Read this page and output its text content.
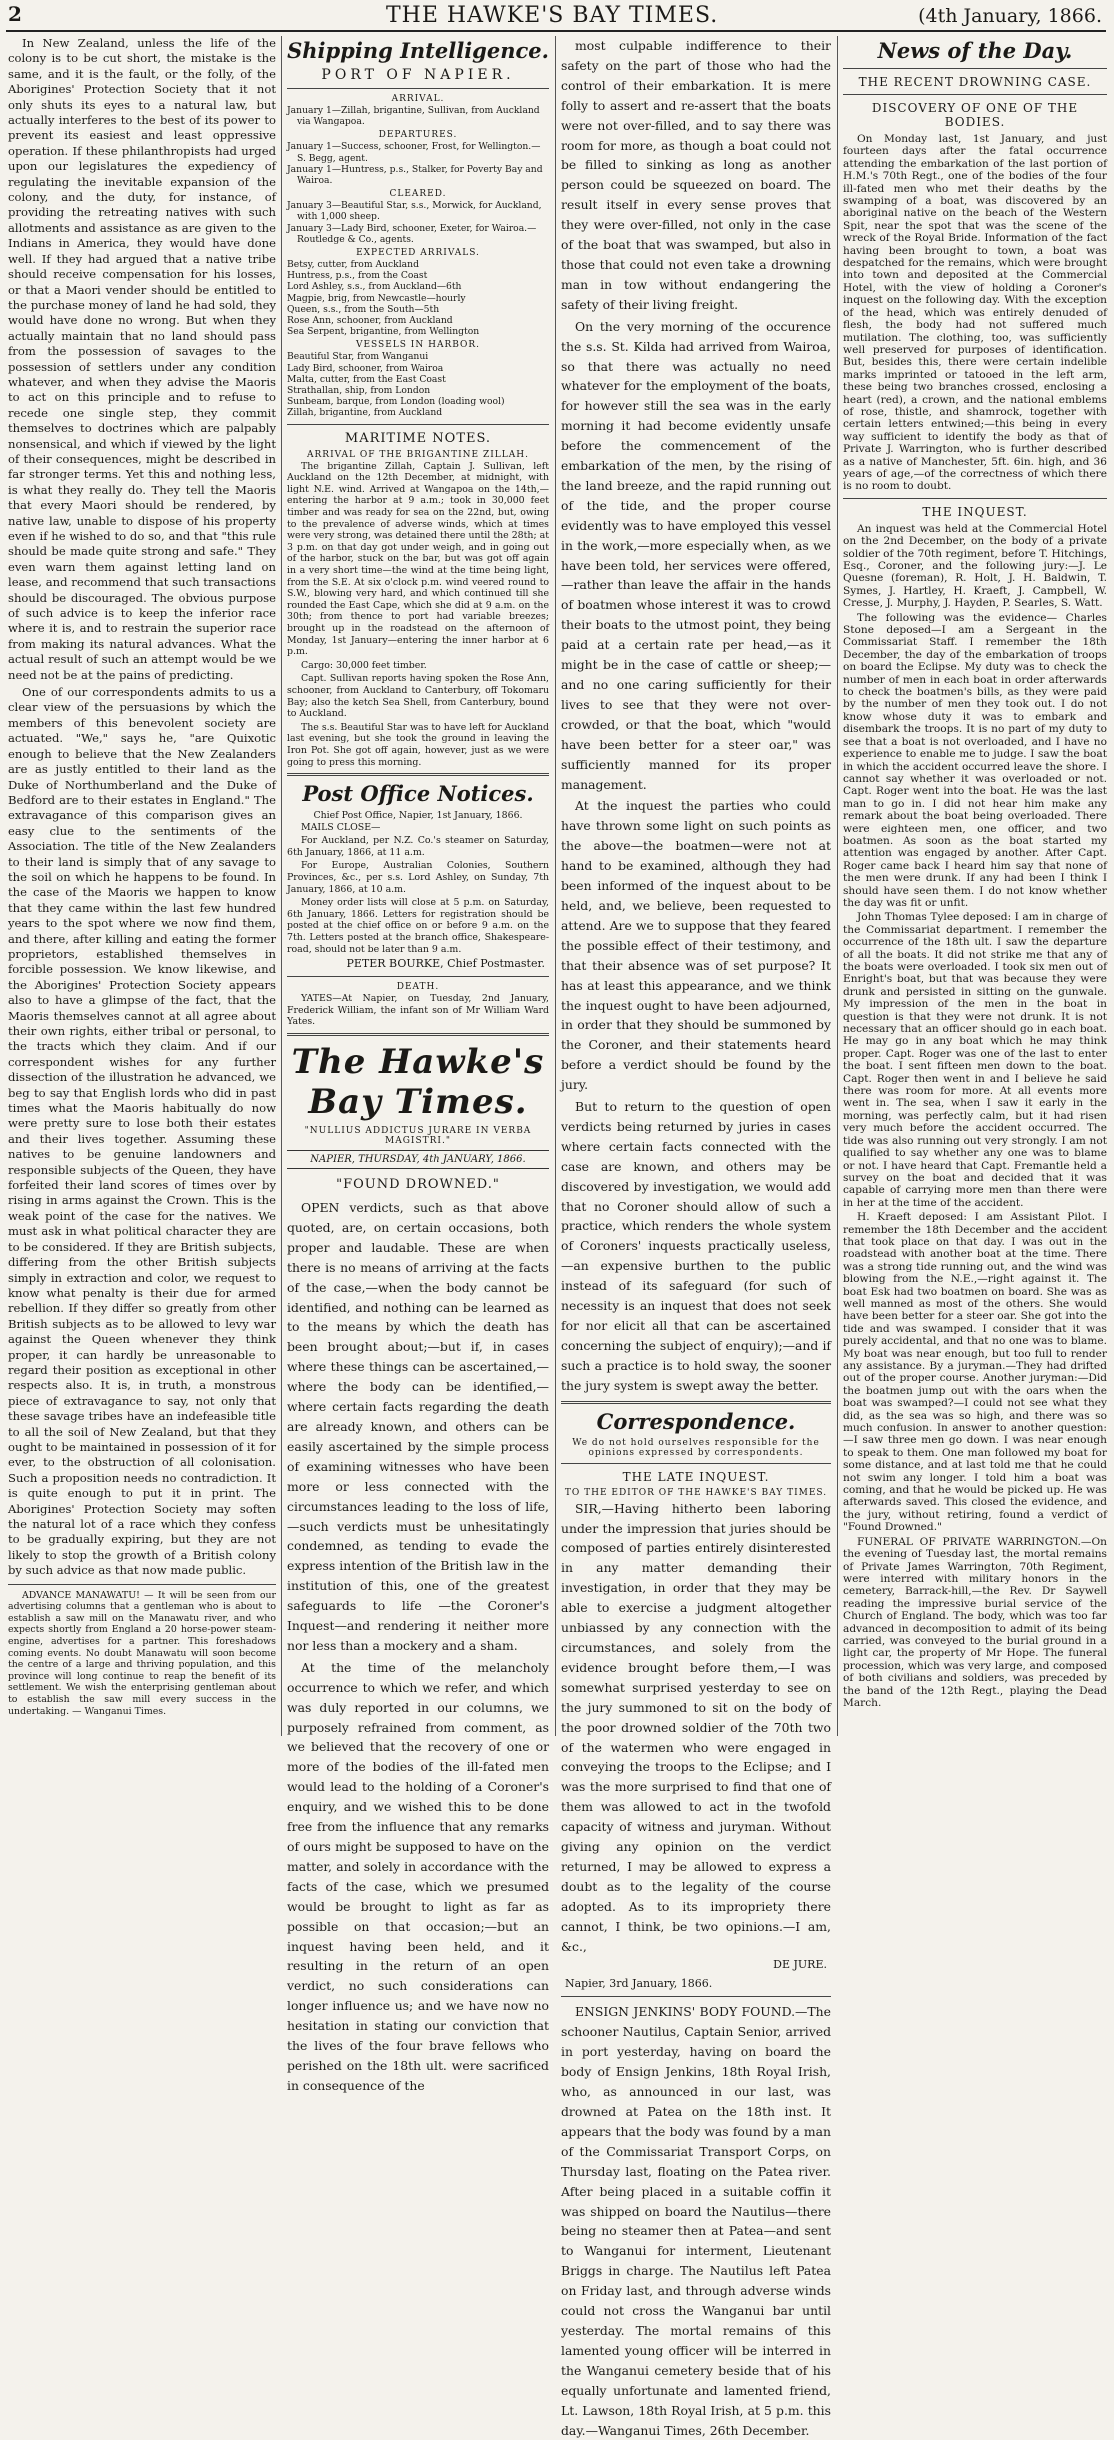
2	THE HAWKE'S BAY TIMES.	(4th January, 1866.

In New Zealand, unless the life of the colony is to be cut short, the mistake is the same, and it is the fault, or the folly, of the Aborigines' Protection Society that it not only shuts its eyes to a natural law, but actually interferes to the best of its power to prevent its easiest and least oppressive operation. If these philanthropists had urged upon our legislatures the expediency of regulating the inevitable expansion of the colony, and the duty, for instance, of providing the retreating natives with such allotments and assistance as are given to the Indians in America, they would have done well. If they had argued that a native tribe should receive compensation for his losses, or that a Maori vender should be entitled to the purchase money of land he had sold, they would have done no wrong. But when they actually maintain that no land should pass from the possession of savages to the possession of settlers under any condition whatever, and when they advise the Maoris to act on this principle and to refuse to recede one single step, they commit themselves to doctrines which are palpably nonsensical, and which if viewed by the light of their consequences, might be described in far stronger terms. Yet this and nothing less, is what they really do. They tell the Maoris that every Maori should be rendered, by native law, unable to dispose of his property even if he wished to do so, and that "this rule should be made quite strong and safe." They even warn them against letting land on lease, and recommend that such transactions should be discouraged. The obvious purpose of such advice is to keep the inferior race where it is, and to restrain the superior race from making its natural advances. What the actual result of such an attempt would be we need not be at the pains of predicting.

One of our correspondents admits to us a clear view of the persuasions by which the members of this benevolent society are actuated. "We," says he, "are Quixotic enough to believe that the New Zealanders are as justly entitled to their land as the Duke of Northumberland and the Duke of Bedford are to their estates in England." The extravagance of this comparison gives an easy clue to the sentiments of the Association. The title of the New Zealanders to their land is simply that of any savage to the soil on which he happens to be found. In the case of the Maoris we happen to know that they came within the last few hundred years to the spot where we now find them, and there, after killing and eating the former proprietors, established themselves in forcible possession. We know likewise, and the Aborigines' Protection Society appears also to have a glimpse of the fact, that the Maoris themselves cannot at all agree about their own rights, either tribal or personal, to the tracts which they claim. And if our correspondent wishes for any further dissection of the illustration he advanced, we beg to say that English lords who did in past times what the Maoris habitually do now were pretty sure to lose both their estates and their lives together. Assuming these natives to be genuine landowners and responsible subjects of the Queen, they have forfeited their land scores of times over by rising in arms against the Crown. This is the weak point of the case for the natives. We must ask in what political character they are to be considered. If they are British subjects, differing from the other British subjects simply in extraction and color, we request to know what penalty is their due for armed rebellion. If they differ so greatly from other British subjects as to be allowed to levy war against the Queen whenever they think proper, it can hardly be unreasonable to regard their position as exceptional in other respects also. It is, in truth, a monstrous piece of extravagance to say, not only that these savage tribes have an indefeasible title to all the soil of New Zealand, but that they ought to be maintained in possession of it for ever, to the obstruction of all colonisation. Such a proposition needs no contradiction. It is quite enough to put it in print. The Aborigines' Protection Society may soften the natural lot of a race which they confess to be gradually expiring, but they are not likely to stop the growth of a British colony by such advice as that now made public.

ADVANCE MANAWATU! — It will be seen from our advertising columns that a gentleman who is about to establish a saw mill on the Manawatu river, and who expects shortly from England a 20 horse-power steam-engine, advertises for a partner. This foreshadows coming events. No doubt Manawatu will soon become the centre of a large and thriving population, and this province will long continue to reap the benefit of its settlement. We wish the enterprising gentleman about to establish the saw mill every success in the undertaking. — Wanganui Times.

Shipping Intelligence.
PORT OF NAPIER.
ARRIVAL.
January 1—Zillah, brigantine, Sullivan, from Auckland via Wangapoa.
DEPARTURES.
January 1—Success, schooner, Frost, for Wellington.—S. Begg, agent.
January 1—Huntress, p.s., Stalker, for Poverty Bay and Wairoa.
CLEARED.
January 3—Beautiful Star, s.s., Morwick, for Auckland, with 1,000 sheep.
January 3—Lady Bird, schooner, Exeter, for Wairoa.—Routledge & Co., agents.
EXPECTED ARRIVALS.
Betsy, cutter, from Auckland
Huntress, p.s., from the Coast
Lord Ashley, s.s., from Auckland—6th
Magpie, brig, from Newcastle—hourly
Queen, s.s., from the South—5th
Rose Ann, schooner, from Auckland
Sea Serpent, brigantine, from Wellington
VESSELS IN HARBOR.
Beautiful Star, from Wanganui
Lady Bird, schooner, from Wairoa
Malta, cutter, from the East Coast
Strathallan, ship, from London
Sunbeam, barque, from London (loading wool)
Zillah, brigantine, from Auckland
MARITIME NOTES.
ARRIVAL OF THE BRIGANTINE ZILLAH.

The brigantine Zillah, Captain J. Sullivan, left Auckland on the 12th December, at midnight, with light N.E. wind. Arrived at Wangapoa on the 14th,—entering the harbor at 9 a.m.; took in 30,000 feet timber and was ready for sea on the 22nd, but, owing to the prevalence of adverse winds, which at times were very strong, was detained there until the 28th; at 3 p.m. on that day got under weigh, and in going out of the harbor, stuck on the bar, but was got off again in a very short time—the wind at the time being light, from the S.E. At six o'clock p.m. wind veered round to S.W., blowing very hard, and which continued till she rounded the East Cape, which she did at 9 a.m. on the 30th; from thence to port had variable breezes; brought up in the roadstead on the afternoon of Monday, 1st January—entering the inner harbor at 6 p.m.

Cargo: 30,000 feet timber.

Capt. Sullivan reports having spoken the Rose Ann, schooner, from Auckland to Canterbury, off Tokomaru Bay; also the ketch Sea Shell, from Canterbury, bound to Auckland.

The s.s. Beautiful Star was to have left for Auckland last evening, but she took the ground in leaving the Iron Pot. She got off again, however, just as we were going to press this morning.

Post Office Notices.
Chief Post Office, Napier, 1st January, 1866.

MAILS CLOSE—

For Auckland, per N.Z. Co.'s steamer on Saturday, 6th January, 1866, at 11 a.m.

For Europe, Australian Colonies, Southern Provinces, &c., per s.s. Lord Ashley, on Sunday, 7th January, 1866, at 10 a.m.

Money order lists will close at 5 p.m. on Saturday, 6th January, 1866. Letters for registration should be posted at the chief office on or before 9 a.m. on the 7th. Letters posted at the branch office, Shakespeare-road, should not be later than 9 a.m.

PETER BOURKE, Chief Postmaster.
DEATH.

YATES—At Napier, on Tuesday, 2nd January, Frederick William, the infant son of Mr William Ward Yates.

The Hawke's Bay Times.
"NULLIUS ADDICTUS JURARE IN VERBA MAGISTRI."
NAPIER, THURSDAY, 4th JANUARY, 1866.
"FOUND DROWNED."

OPEN verdicts, such as that above quoted, are, on certain occasions, both proper and laudable. These are when there is no means of arriving at the facts of the case,—when the body cannot be identified, and nothing can be learned as to the means by which the death has been brought about;—but if, in cases where these things can be ascertained,—where the body can be identified,—where certain facts regarding the death are already known, and others can be easily ascertained by the simple process of examining witnesses who have been more or less connected with the circumstances leading to the loss of life, —such verdicts must be unhesitatingly condemned, as tending to evade the express intention of the British law in the institution of this, one of the greatest safeguards to life —the Coroner's Inquest—and rendering it neither more nor less than a mockery and a sham.

At the time of the melancholy occurrence to which we refer, and which was duly reported in our columns, we purposely refrained from comment, as we believed that the recovery of one or more of the bodies of the ill-fated men would lead to the holding of a Coroner's enquiry, and we wished this to be done free from the influence that any remarks of ours might be supposed to have on the matter, and solely in accordance with the facts of the case, which we presumed would be brought to light as far as possible on that occasion;—but an inquest having been held, and it resulting in the return of an open verdict, no such considerations can longer influence us; and we have now no hesitation in stating our conviction that the lives of the four brave fellows who perished on the 18th ult. were sacrificed in consequence of the

most culpable indifference to their safety on the part of those who had the control of their embarkation. It is mere folly to assert and re-assert that the boats were not over-filled, and to say there was room for more, as though a boat could not be filled to sinking as long as another person could be squeezed on board. The result itself in every sense proves that they were over-filled, not only in the case of the boat that was swamped, but also in those that could not even take a drowning man in tow without endangering the safety of their living freight.

On the very morning of the occurence the s.s. St. Kilda had arrived from Wairoa, so that there was actually no need whatever for the employment of the boats, for however still the sea was in the early morning it had become evidently unsafe before the commencement of the embarkation of the men, by the rising of the land breeze, and the rapid running out of the tide, and the proper course evidently was to have employed this vessel in the work,—more especially when, as we have been told, her services were offered,—rather than leave the affair in the hands of boatmen whose interest it was to crowd their boats to the utmost point, they being paid at a certain rate per head,—as it might be in the case of cattle or sheep;—and no one caring sufficiently for their lives to see that they were not over-crowded, or that the boat, which "would have been better for a steer oar," was sufficiently manned for its proper management.

At the inquest the parties who could have thrown some light on such points as the above—the boatmen—were not at hand to be examined, although they had been informed of the inquest about to be held, and, we believe, been requested to attend. Are we to suppose that they feared the possible effect of their testimony, and that their absence was of set purpose? It has at least this appearance, and we think the inquest ought to have been adjourned, in order that they should be summoned by the Coroner, and their statements heard before a verdict should be found by the jury.

But to return to the question of open verdicts being returned by juries in cases where certain facts connected with the case are known, and others may be discovered by investigation, we would add that no Coroner should allow of such a practice, which renders the whole system of Coroners' inquests practically useless,—an expensive burthen to the public instead of its safeguard (for such of necessity is an inquest that does not seek for nor elicit all that can be ascertained concerning the subject of enquiry);—and if such a practice is to hold sway, the sooner the jury system is swept away the better.

Correspondence.
We do not hold ourselves responsible for the opinions expressed by correspondents.
THE LATE INQUEST.
TO THE EDITOR OF THE HAWKE'S BAY TIMES.

SIR,—Having hitherto been laboring under the impression that juries should be composed of parties entirely disinterested in any matter demanding their investigation, in order that they may be able to exercise a judgment altogether unbiassed by any connection with the circumstances, and solely from the evidence brought before them,—I was somewhat surprised yesterday to see on the jury summoned to sit on the body of the poor drowned soldier of the 70th two of the watermen who were engaged in conveying the troops to the Eclipse; and I was the more surprised to find that one of them was allowed to act in the twofold capacity of witness and juryman. Without giving any opinion on the verdict returned, I may be allowed to express a doubt as to the legality of the course adopted. As to its impropriety there cannot, I think, be two opinions.—I am, &c.,

DE JURE.
Napier, 3rd January, 1866.

ENSIGN JENKINS' BODY FOUND.—The schooner Nautilus, Captain Senior, arrived in port yesterday, having on board the body of Ensign Jenkins, 18th Royal Irish, who, as announced in our last, was drowned at Patea on the 18th inst. It appears that the body was found by a man of the Commissariat Transport Corps, on Thursday last, floating on the Patea river. After being placed in a suitable coffin it was shipped on board the Nautilus—there being no steamer then at Patea—and sent to Wanganui for interment, Lieutenant Briggs in charge. The Nautilus left Patea on Friday last, and through adverse winds could not cross the Wanganui bar until yesterday. The mortal remains of this lamented young officer will be interred in the Wanganui cemetery beside that of his equally unfortunate and lamented friend, Lt. Lawson, 18th Royal Irish, at 5 p.m. this day.—Wanganui Times, 26th December.

News of the Day.
THE RECENT DROWNING CASE.
DISCOVERY OF ONE OF THE BODIES.

On Monday last, 1st January, and just fourteen days after the fatal occurrence attending the embarkation of the last portion of H.M.'s 70th Regt., one of the bodies of the four ill-fated men who met their deaths by the swamping of a boat, was discovered by an aboriginal native on the beach of the Western Spit, near the spot that was the scene of the wreck of the Royal Bride. Information of the fact having been brought to town, a boat was despatched for the remains, which were brought into town and deposited at the Commercial Hotel, with the view of holding a Coroner's inquest on the following day. With the exception of the head, which was entirely denuded of flesh, the body had not suffered much mutilation. The clothing, too, was sufficiently well preserved for purposes of identification. But, besides this, there were certain indelible marks imprinted or tatooed in the left arm, these being two branches crossed, enclosing a heart (red), a crown, and the national emblems of rose, thistle, and shamrock, together with certain letters entwined;—this being in every way sufficient to identify the body as that of Private J. Warrington, who is further described as a native of Manchester, 5ft. 6in. high, and 36 years of age,—of the correctness of which there is no room to doubt.

THE INQUEST.

An inquest was held at the Commercial Hotel on the 2nd December, on the body of a private soldier of the 70th regiment, before T. Hitchings, Esq., Coroner, and the following jury:—J. Le Quesne (foreman), R. Holt, J. H. Baldwin, T. Symes, J. Hartley, H. Kraeft, J. Campbell, W. Cresse, J. Murphy, J. Hayden, P. Searles, S. Watt.

The following was the evidence— Charles Stone deposed—I am a Sergeant in the Commissariat Staff. I remember the 18th December, the day of the embarkation of troops on board the Eclipse. My duty was to check the number of men in each boat in order afterwards to check the boatmen's bills, as they were paid by the number of men they took out. I do not know whose duty it was to embark and disembark the troops. It is no part of my duty to see that a boat is not overloaded, and I have no experience to enable me to judge. I saw the boat in which the accident occurred leave the shore. I cannot say whether it was overloaded or not. Capt. Roger went into the boat. He was the last man to go in. I did not hear him make any remark about the boat being overloaded. There were eighteen men, one officer, and two boatmen. As soon as the boat started my attention was engaged by another. After Capt. Roger came back I heard him say that none of the men were drunk. If any had been I think I should have seen them. I do not know whether the day was fit or unfit.

John Thomas Tylee deposed: I am in charge of the Commissariat department. I remember the occurrence of the 18th ult. I saw the departure of all the boats. It did not strike me that any of the boats were overloaded. I took six men out of Enright's boat, but that was because they were drunk and persisted in sitting on the gunwale. My impression of the men in the boat in question is that they were not drunk. It is not necessary that an officer should go in each boat. He may go in any boat which he may think proper. Capt. Roger was one of the last to enter the boat. I sent fifteen men down to the boat. Capt. Roger then went in and I believe he said there was room for more. At all events more went in. The sea, when I saw it early in the morning, was perfectly calm, but it had risen very much before the accident occurred. The tide was also running out very strongly. I am not qualified to say whether any one was to blame or not. I have heard that Capt. Fremantle held a survey on the boat and decided that it was capable of carrying more men than there were in her at the time of the accident.

H. Kraeft deposed: I am Assistant Pilot. I remember the 18th December and the accident that took place on that day. I was out in the roadstead with another boat at the time. There was a strong tide running out, and the wind was blowing from the N.E.,—right against it. The boat Esk had two boatmen on board. She was as well manned as most of the others. She would have been better for a steer oar. She got into the tide and was swamped. I consider that it was purely accidental, and that no one was to blame. My boat was near enough, but too full to render any assistance. By a juryman.—They had drifted out of the proper course. Another juryman:—Did the boatmen jump out with the oars when the boat was swamped?—I could not see what they did, as the sea was so high, and there was so much confusion. In answer to another question:—I saw three men go down. I was near enough to speak to them. One man followed my boat for some distance, and at last told me that he could not swim any longer. I told him a boat was coming, and that he would be picked up. He was afterwards saved. This closed the evidence, and the jury, without retiring, found a verdict of "Found Drowned."

FUNERAL OF PRIVATE WARRINGTON.—On the evening of Tuesday last, the mortal remains of Private James Warrington, 70th Regiment, were interred with military honors in the cemetery, Barrack-hill,—the Rev. Dr Saywell reading the impressive burial service of the Church of England. The body, which was too far advanced in decomposition to admit of its being carried, was conveyed to the burial ground in a light car, the property of Mr Hope. The funeral procession, which was very large, and composed of both civilians and soldiers, was preceded by the band of the 12th Regt., playing the Dead March.
